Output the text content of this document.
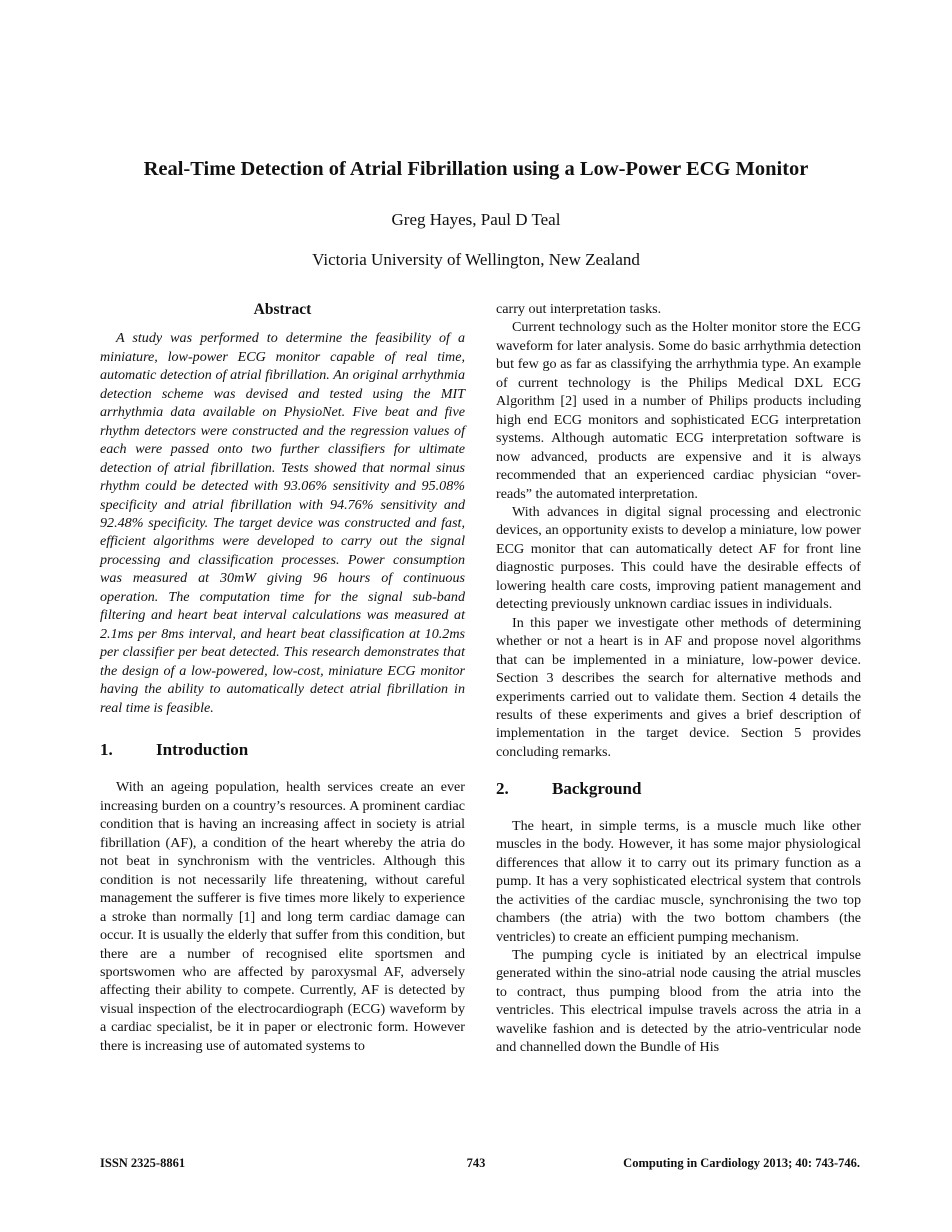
Real-Time Detection of Atrial Fibrillation using a Low-Power ECG Monitor
Greg Hayes, Paul D Teal
Victoria University of Wellington, New Zealand
Abstract

A study was performed to determine the feasibility of a miniature, low-power ECG monitor capable of real time, automatic detection of atrial fibrillation. An original arrhythmia detection scheme was devised and tested using the MIT arrhythmia data available on PhysioNet. Five beat and five rhythm detectors were constructed and the regression values of each were passed onto two further classifiers for ultimate detection of atrial fibrillation. Tests showed that normal sinus rhythm could be detected with 93.06% sensitivity and 95.08% specificity and atrial fibrillation with 94.76% sensitivity and 92.48% specificity. The target device was constructed and fast, efficient algorithms were developed to carry out the signal processing and classification processes. Power consumption was measured at 30mW giving 96 hours of continuous operation. The computation time for the signal sub-band filtering and heart beat interval calculations was measured at 2.1ms per 8ms interval, and heart beat classification at 10.2ms per classifier per beat detected. This research demonstrates that the design of a low-powered, low-cost, miniature ECG monitor having the ability to automatically detect atrial fibrillation in real time is feasible.

1.	Introduction

With an ageing population, health services create an ever increasing burden on a country’s resources. A prominent cardiac condition that is having an increasing affect in society is atrial fibrillation (AF), a condition of the heart whereby the atria do not beat in synchronism with the ventricles. Although this condition is not necessarily life threatening, without careful management the sufferer is five times more likely to experience a stroke than normally [1] and long term cardiac damage can occur. It is usually the elderly that suffer from this condition, but there are a number of recognised elite sportsmen and sportswomen who are affected by paroxysmal AF, adversely affecting their ability to compete. Currently, AF is detected by visual inspection of the electrocardiograph (ECG) waveform by a cardiac specialist, be it in paper or electronic form. However there is increasing use of automated systems to

carry out interpretation tasks.

Current technology such as the Holter monitor store the ECG waveform for later analysis. Some do basic arrhythmia detection but few go as far as classifying the arrhythmia type. An example of current technology is the Philips Medical DXL ECG Algorithm [2] used in a number of Philips products including high end ECG monitors and sophisticated ECG interpretation systems. Although automatic ECG interpretation software is now advanced, products are expensive and it is always recommended that an experienced cardiac physician “over-reads” the automated interpretation.

With advances in digital signal processing and electronic devices, an opportunity exists to develop a miniature, low power ECG monitor that can automatically detect AF for front line diagnostic purposes. This could have the desirable effects of lowering health care costs, improving patient management and detecting previously unknown cardiac issues in individuals.

In this paper we investigate other methods of determining whether or not a heart is in AF and propose novel algorithms that can be implemented in a miniature, low-power device. Section 3 describes the search for alternative methods and experiments carried out to validate them. Section 4 details the results of these experiments and gives a brief description of implementation in the target device. Section 5 provides concluding remarks.

2.	Background

The heart, in simple terms, is a muscle much like other muscles in the body. However, it has some major physiological differences that allow it to carry out its primary function as a pump. It has a very sophisticated electrical system that controls the activities of the cardiac muscle, synchronising the two top chambers (the atria) with the two bottom chambers (the ventricles) to create an efficient pumping mechanism.

The pumping cycle is initiated by an electrical impulse generated within the sino-atrial node causing the atrial muscles to contract, thus pumping blood from the atria into the ventricles. This electrical impulse travels across the atria in a wavelike fashion and is detected by the atrio-ventricular node and channelled down the Bundle of His

ISSN 2325-8861	743	Computing in Cardiology 2013; 40: 743-746.
